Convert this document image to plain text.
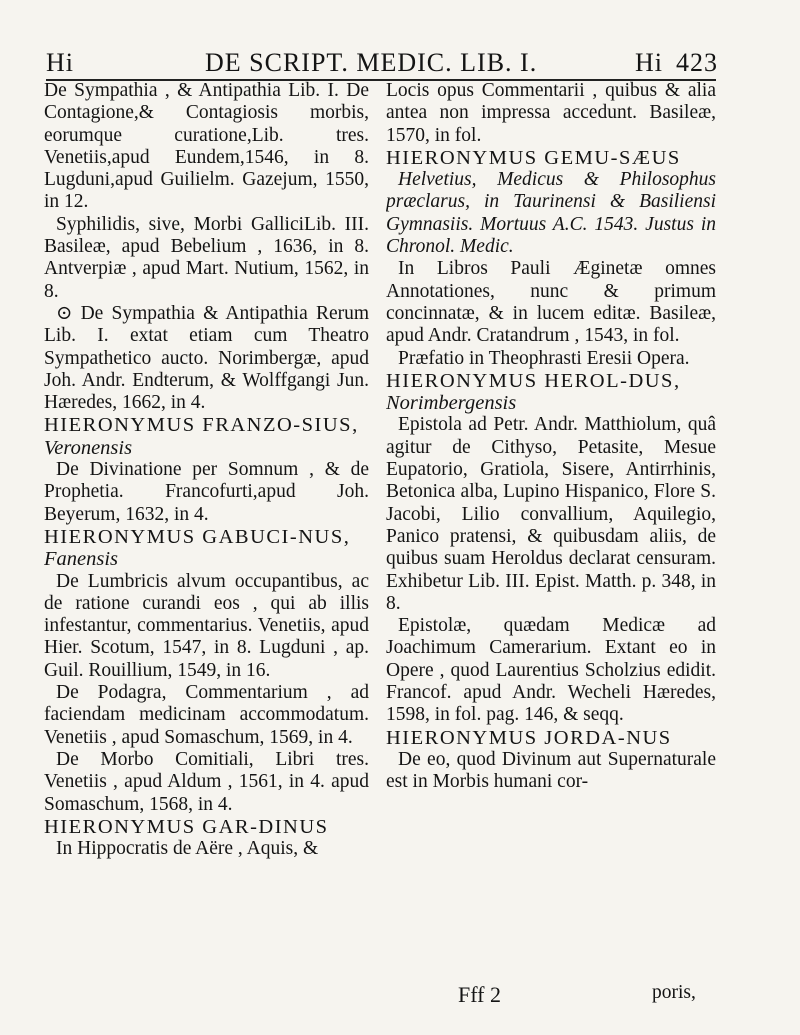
Hi	DE SCRIPT. MEDIC. LIB. I.	Hi 423

De Sympathia , & Antipathia Lib. I. De Contagione,& Contagiosis morbis, eorumque curatione,Lib. tres. Venetiis,apud Eundem,1546, in 8. Lugduni,apud Guilielm. Gazejum, 1550, in 12.

Syphilidis, sive, Morbi GalliciLib. III. Basileæ, apud Bebelium , 1636, in 8. Antverpiæ , apud Mart. Nutium, 1562, in 8.

⊙ De Sympathia & Antipathia Rerum Lib. I. extat etiam cum Theatro Sympathetico aucto. Norimbergæ, apud Joh. Andr. Endterum, & Wolffgangi Jun. Hæredes, 1662, in 4.

HIERONYMUS FRANZO-SIUS, Veronensis

De Divinatione per Somnum , & de Prophetia. Francofurti,apud Joh. Beyerum, 1632, in 4.

HIERONYMUS GABUCI-NUS, Fanensis

De Lumbricis alvum occupantibus, ac de ratione curandi eos , qui ab illis infestantur, commentarius. Venetiis, apud Hier. Scotum, 1547, in 8. Lugduni , ap. Guil. Rouillium, 1549, in 16.

De Podagra, Commentarium , ad faciendam medicinam accommodatum. Venetiis , apud Somaschum, 1569, in 4.

De Morbo Comitiali, Libri tres. Venetiis , apud Aldum , 1561, in 4. apud Somaschum, 1568, in 4.

HIERONYMUS GAR-DINUS

In Hippocratis de Aëre , Aquis, &

Locis opus Commentarii , quibus & alia antea non impressa accedunt. Basileæ, 1570, in fol.

HIERONYMUS GEMU-SÆUS

Helvetius, Medicus & Philosophus præclarus, in Taurinensi & Basiliensi Gymnasiis. Mortuus A.C. 1543. Justus in Chronol. Medic.

In Libros Pauli Æginetæ omnes Annotationes, nunc & primum concinnatæ, & in lucem editæ. Basileæ, apud Andr. Cratandrum , 1543, in fol.

Præfatio in Theophrasti Eresii Opera.

HIERONYMUS HEROL-DUS, Norimbergensis

Epistola ad Petr. Andr. Matthiolum, quâ agitur de Cithyso, Petasite, Mesue Eupatorio, Gratiola, Sisere, Antirrhinis, Betonica alba, Lupino Hispanico, Flore S. Jacobi, Lilio convallium, Aquilegio, Panico pratensi, & quibusdam aliis, de quibus suam Heroldus declarat censuram. Exhibetur Lib. III. Epist. Matth. p. 348, in 8.

Epistolæ, quædam Medicæ ad Joachimum Camerarium. Extant eo in Opere , quod Laurentius Scholzius edidit. Francof. apud Andr. Wecheli Hæredes, 1598, in fol. pag. 146, & seqq.

HIERONYMUS JORDA-NUS

De eo, quod Divinum aut Supernaturale est in Morbis humani cor-

Fff 2	poris,
